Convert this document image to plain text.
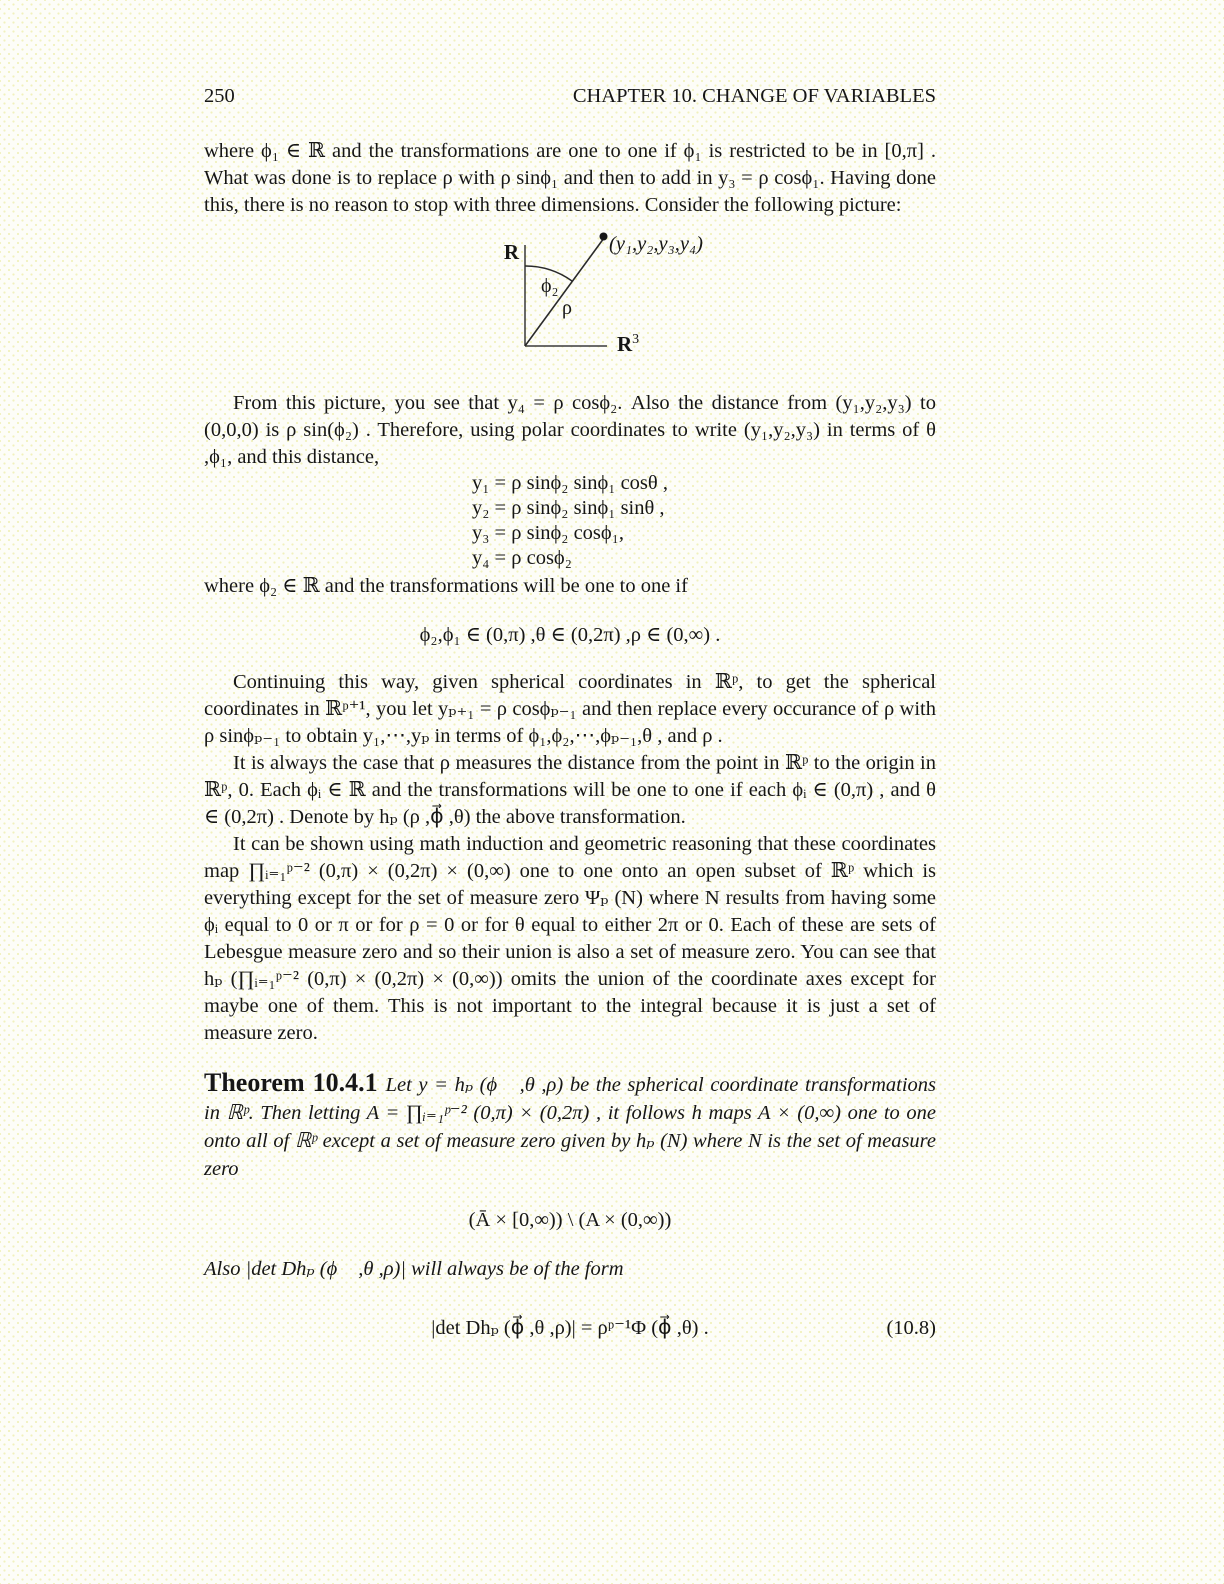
250	CHAPTER 10. CHANGE OF VARIABLES

where ϕ₁ ∈ ℝ and the transformations are one to one if ϕ₁ is restricted to be in [0,π] . What was done is to replace ρ with ρ sinϕ₁ and then to add in y₃ = ρ cosϕ₁. Having done this, there is no reason to stop with three dimensions. Consider the following picture:

R
$R^3$
ϕ₂
ρ
(y₁,y₂,y₃,y₄)

From this picture, you see that y₄ = ρ cosϕ₂. Also the distance from (y₁,y₂,y₃) to (0,0,0) is ρ sin(ϕ₂) . Therefore, using polar coordinates to write (y₁,y₂,y₃) in terms of θ ,ϕ₁, and this distance,

y₁ = ρ sinϕ₂ sinϕ₁ cosθ ,
y₂ = ρ sinϕ₂ sinϕ₁ sinθ ,
y₃ = ρ sinϕ₂ cosϕ₁,
y₄ = ρ cosϕ₂

where ϕ₂ ∈ ℝ and the transformations will be one to one if

ϕ₂,ϕ₁ ∈ (0,π) ,θ ∈ (0,2π) ,ρ ∈ (0,∞) .

Continuing this way, given spherical coordinates in ℝᵖ, to get the spherical coordinates in ℝᵖ⁺¹, you let yₚ₊₁ = ρ cosϕₚ₋₁ and then replace every occurance of ρ with ρ sinϕₚ₋₁ to obtain y₁,⋯,yₚ in terms of ϕ₁,ϕ₂,⋯,ϕₚ₋₁,θ , and ρ .

It is always the case that ρ measures the distance from the point in ℝᵖ to the origin in ℝᵖ, 0. Each ϕᵢ ∈ ℝ and the transformations will be one to one if each ϕᵢ ∈ (0,π) , and θ ∈ (0,2π) . Denote by hₚ (ρ ,ϕ⃗ ,θ) the above transformation.

It can be shown using math induction and geometric reasoning that these coordinates map ∏ᵢ₌₁ᵖ⁻² (0,π) × (0,2π) × (0,∞) one to one onto an open subset of ℝᵖ which is everything except for the set of measure zero Ψₚ (N) where N results from having some ϕᵢ equal to 0 or π or for ρ = 0 or for θ equal to either 2π or 0. Each of these are sets of Lebesgue measure zero and so their union is also a set of measure zero. You can see that hₚ (∏ᵢ₌₁ᵖ⁻² (0,π) × (0,2π) × (0,∞)) omits the union of the coordinate axes except for maybe one of them. This is not important to the integral because it is just a set of measure zero.

Theorem 10.4.1 Let y = hₚ (ϕ⃗ ,θ ,ρ) be the spherical coordinate transformations in ℝᵖ. Then letting A = ∏ᵢ₌₁ᵖ⁻² (0,π) × (0,2π) , it follows h maps A × (0,∞) one to one onto all of ℝᵖ except a set of measure zero given by hₚ (N) where N is the set of measure zero

(Ā × [0,∞)) \ (A × (0,∞))

Also |det Dhₚ (ϕ⃗ ,θ ,ρ)| will always be of the form

|det Dhₚ (ϕ⃗ ,θ ,ρ)| = ρᵖ⁻¹Φ (ϕ⃗ ,θ) .	(10.8)
